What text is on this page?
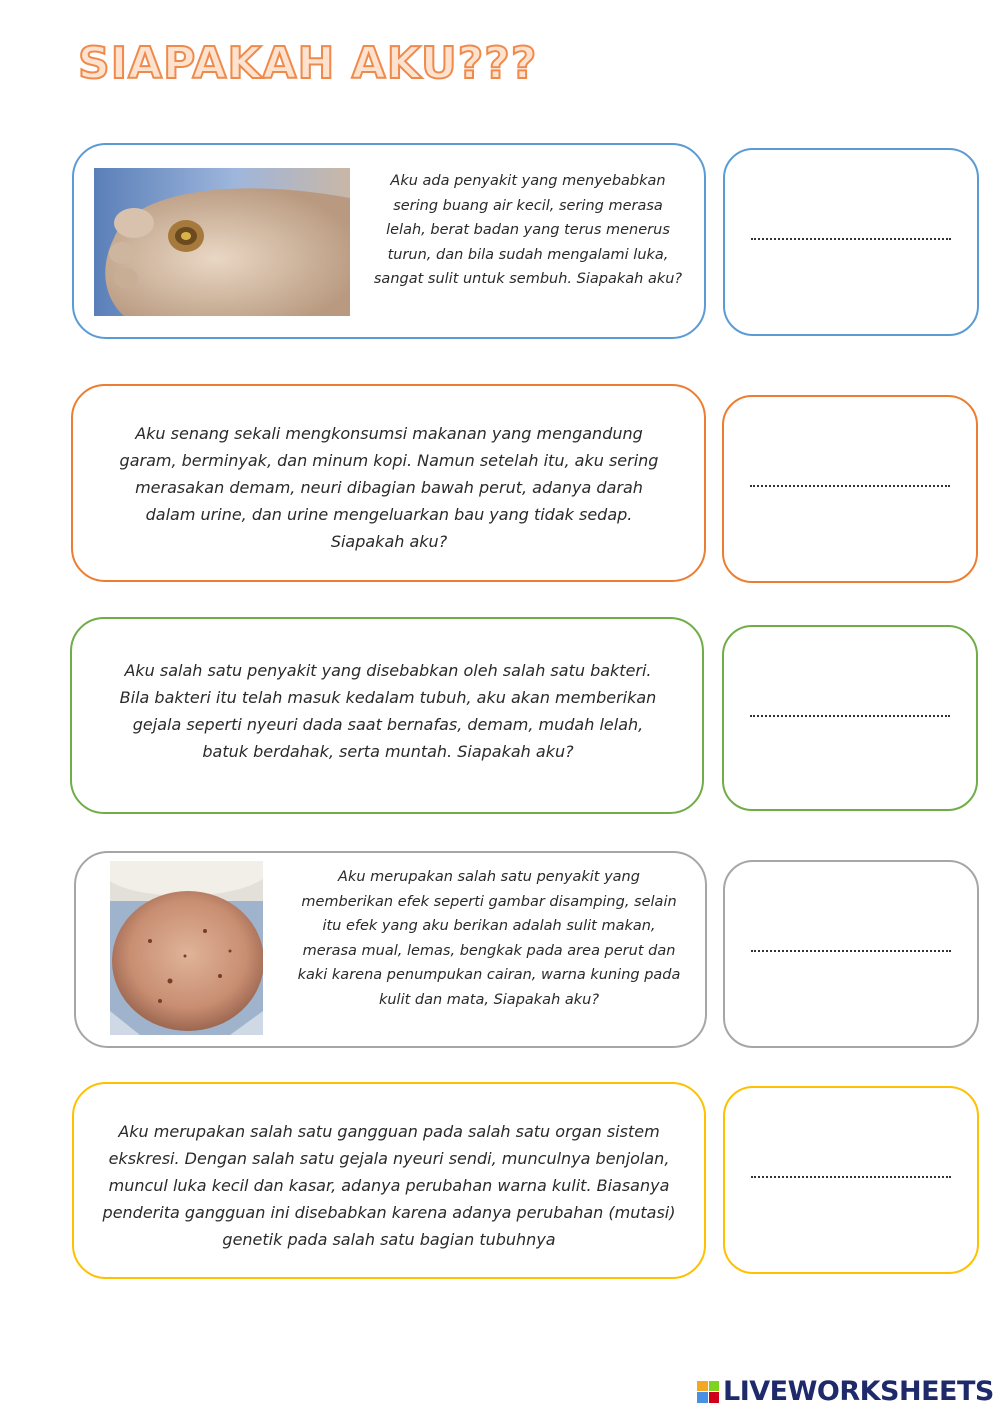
SIAPAKAH AKU???
Aku ada penyakit yang menyebabkan sering buang air kecil, sering merasa lelah, berat badan yang terus menerus turun, dan bila sudah mengalami luka, sangat sulit untuk sembuh. Siapakah aku?
Aku senang sekali mengkonsumsi makanan yang mengandung garam, berminyak, dan minum kopi. Namun setelah itu, aku sering merasakan demam, neuri dibagian bawah perut, adanya darah dalam urine, dan urine mengeluarkan bau yang tidak sedap. Siapakah aku?
Aku salah satu penyakit yang disebabkan oleh salah satu bakteri. Bila bakteri itu telah masuk kedalam tubuh, aku akan memberikan gejala seperti nyeuri dada saat bernafas, demam, mudah lelah, batuk berdahak, serta muntah. Siapakah aku?
Aku merupakan salah satu penyakit yang memberikan efek seperti gambar disamping, selain itu efek yang aku berikan adalah sulit makan, merasa mual, lemas, bengkak pada area perut dan kaki karena penumpukan cairan, warna kuning pada kulit dan mata, Siapakah aku?
Aku merupakan salah satu gangguan pada salah satu organ sistem ekskresi. Dengan salah satu gejala nyeuri sendi, munculnya benjolan, muncul luka kecil dan kasar, adanya perubahan warna kulit. Biasanya penderita gangguan ini disebabkan karena adanya perubahan (mutasi) genetik pada salah satu bagian tubuhnya
LIVEWORKSHEETS
